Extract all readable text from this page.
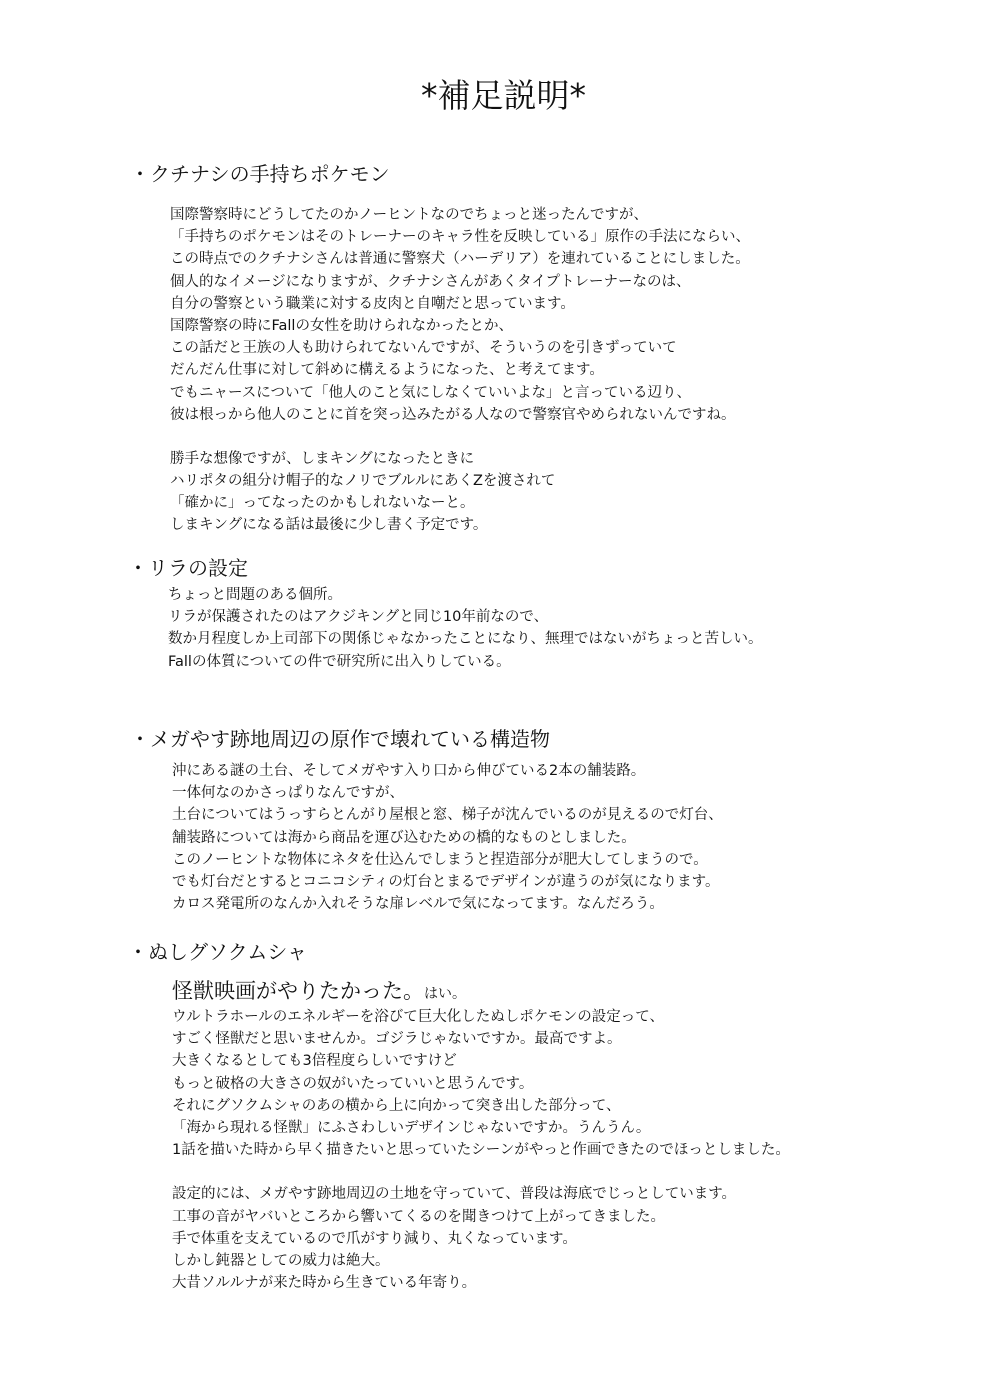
*補足説明*
・クチナシの手持ちポケモン
国際警察時にどうしてたのかノーヒントなのでちょっと迷ったんですが、
「手持ちのポケモンはそのトレーナーのキャラ性を反映している」原作の手法にならい、
この時点でのクチナシさんは普通に警察犬（ハーデリア）を連れていることにしました。
個人的なイメージになりますが、クチナシさんがあくタイプトレーナーなのは、
自分の警察という職業に対する皮肉と自嘲だと思っています。
国際警察の時にFallの女性を助けられなかったとか、
この話だと王族の人も助けられてないんですが、そういうのを引きずっていて
だんだん仕事に対して斜めに構えるようになった、と考えてます。
でもニャースについて「他人のこと気にしなくていいよな」と言っている辺り、
彼は根っから他人のことに首を突っ込みたがる人なので警察官やめられないんですね。
勝手な想像ですが、しまキングになったときに
ハリポタの組分け帽子的なノリでブルルにあくZを渡されて
「確かに」ってなったのかもしれないなーと。
しまキングになる話は最後に少し書く予定です。
・リラの設定
ちょっと問題のある個所。
リラが保護されたのはアクジキングと同じ10年前なので、
数か月程度しか上司部下の関係じゃなかったことになり、無理ではないがちょっと苦しい。
Fallの体質についての件で研究所に出入りしている。
・メガやす跡地周辺の原作で壊れている構造物
沖にある謎の土台、そしてメガやす入り口から伸びている2本の舗装路。
一体何なのかさっぱりなんですが、
土台についてはうっすらとんがり屋根と窓、梯子が沈んでいるのが見えるので灯台、
舗装路については海から商品を運び込むための橋的なものとしました。
このノーヒントな物体にネタを仕込んでしまうと捏造部分が肥大してしまうので。
でも灯台だとするとコニコシティの灯台とまるでデザインが違うのが気になります。
カロス発電所のなんか入れそうな扉レベルで気になってます。なんだろう。
・ぬしグソクムシャ
怪獣映画がやりたかった。はい。
ウルトラホールのエネルギーを浴びて巨大化したぬしポケモンの設定って、
すごく怪獣だと思いませんか。ゴジラじゃないですか。最高ですよ。
大きくなるとしても3倍程度らしいですけど
もっと破格の大きさの奴がいたっていいと思うんです。
それにグソクムシャのあの横から上に向かって突き出した部分って、
「海から現れる怪獣」にふさわしいデザインじゃないですか。うんうん。
1話を描いた時から早く描きたいと思っていたシーンがやっと作画できたのでほっとしました。
設定的には、メガやす跡地周辺の土地を守っていて、普段は海底でじっとしています。
工事の音がヤバいところから響いてくるのを聞きつけて上がってきました。
手で体重を支えているので爪がすり減り、丸くなっています。
しかし鈍器としての威力は絶大。
大昔ソルルナが来た時から生きている年寄り。
